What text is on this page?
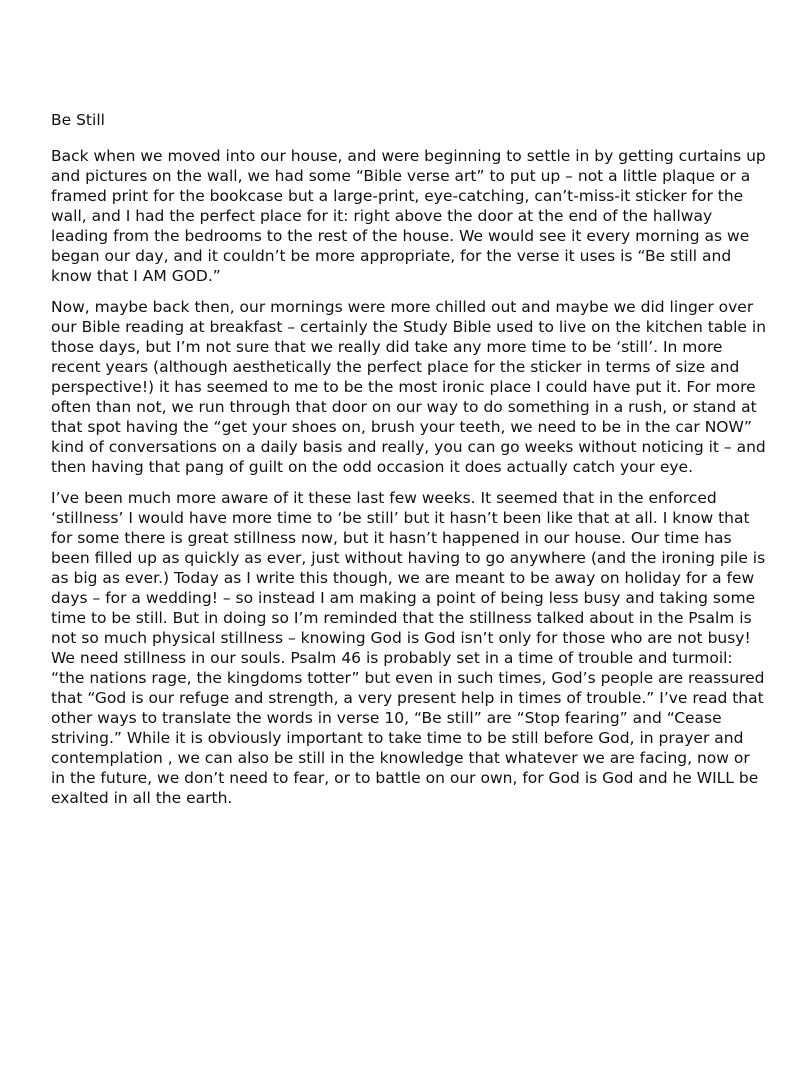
Be Still

Back when we moved into our house, and were beginning to settle in by getting curtains up and pictures on the wall, we had some “Bible verse art” to put up – not a little plaque or a framed print for the bookcase but a large-print, eye-catching, can’t-miss-it sticker for the wall, and I had the perfect place for it: right above the door at the end of the hallway leading from the bedrooms to the rest of the house. We would see it every morning as we began our day, and it couldn’t be more appropriate, for the verse it uses is “Be still and know that I AM GOD.”

Now, maybe back then, our mornings were more chilled out and maybe we did linger over our Bible reading at breakfast – certainly the Study Bible used to live on the kitchen table in those days, but I’m not sure that we really did take any more time to be ‘still’. In more recent years (although aesthetically the perfect place for the sticker in terms of size and perspective!) it has seemed to me to be the most ironic place I could have put it. For more often than not, we run through that door on our way to do something in a rush, or stand at that spot having the “get your shoes on, brush your teeth, we need to be in the car NOW” kind of conversations on a daily basis and really, you can go weeks without noticing it – and then having that pang of guilt on the odd occasion it does actually catch your eye.

I’ve been much more aware of it these last few weeks. It seemed that in the enforced ‘stillness’ I would have more time to ‘be still’ but it hasn’t been like that at all. I know that for some there is great stillness now, but it hasn’t happened in our house. Our time has been filled up as quickly as ever, just without having to go anywhere (and the ironing pile is as big as ever.) Today as I write this though, we are meant to be away on holiday for a few days – for a wedding! – so instead I am making a point of being less busy and taking some time to be still. But in doing so I’m reminded that the stillness talked about in the Psalm is not so much physical stillness – knowing God is God isn’t only for those who are not busy! We need stillness in our souls. Psalm 46 is probably set in a time of trouble and turmoil: “the nations rage, the kingdoms totter” but even in such times, God’s people are reassured that “God is our refuge and strength, a very present help in times of trouble.” I’ve read that other ways to translate the words in verse 10, “Be still” are “Stop fearing” and “Cease striving.” While it is obviously important to take time to be still before God, in prayer and contemplation , we can also be still in the knowledge that whatever we are facing, now or in the future, we don’t need to fear, or to battle on our own, for God is God and he WILL be exalted in all the earth.
